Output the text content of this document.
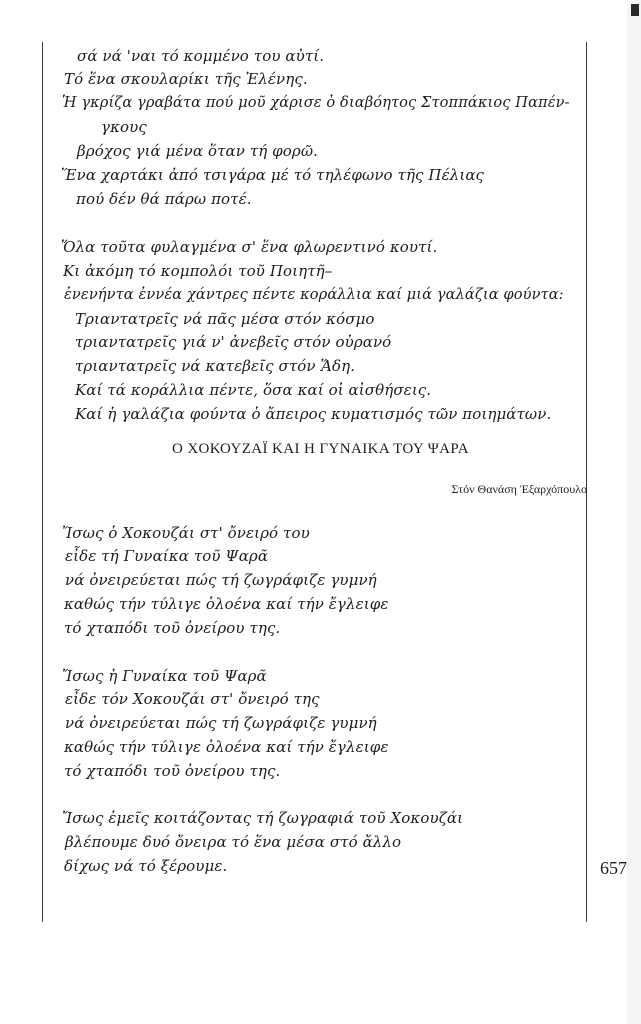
σά νά 'ναι τό κομμένο του αὐτί.
Τό ἕνα σκουλαρίκι τῆς Ἑλένης.
Ἡ γκρίζα γραβάτα πού μοῦ χάρισε ὁ διαβόητος Στοππάκιος Παπέν-
γκους
βρόχος γιά μένα ὅταν τή φορῶ.
Ἕνα χαρτάκι ἀπό τσιγάρα μέ τό τηλέφωνο τῆς Πέλιας
πού δέν θά πάρω ποτέ.
Ὅλα τοῦτα φυλαγμένα σ' ἕνα φλωρεντινό κουτί.
Κι ἀκόμη τό κομπολόι τοῦ Ποιητῆ–
ἐνενήντα ἐννέα χάντρες πέντε κοράλλια καί μιά γαλάζια φούντα:
Τριαντατρεῖς νά πᾶς μέσα στόν κόσμο
τριαντατρεῖς γιά ν' ἀνεβεῖς στόν οὐρανό
τριαντατρεῖς νά κατεβεῖς στόν Ἅδη.
Καί τά κοράλλια πέντε, ὅσα καί οἱ αἰσθήσεις.
Καί ἡ γαλάζια φούντα ὁ ἄπειρος κυματισμός τῶν ποιημάτων.
Ο ΧΟΚΟΥΖΑΪ ΚΑΙ Η ΓΥΝΑΙΚΑ ΤΟΥ ΨΑΡΑ
Στόν Θανάση Ἐξαρχόπουλο
Ἴσως ὁ Χοκουζάι στ' ὄνειρό του
εἶδε τή Γυναίκα τοῦ Ψαρᾶ
νά ὀνειρεύεται πώς τή ζωγράφιζε γυμνή
καθώς τήν τύλιγε ὁλοένα καί τήν ἔγλειφε
τό χταπόδι τοῦ ὀνείρου της.
Ἴσως ἡ Γυναίκα τοῦ Ψαρᾶ
εἶδε τόν Χοκουζάι στ' ὄνειρό της
νά ὀνειρεύεται πώς τή ζωγράφιζε γυμνή
καθώς τήν τύλιγε ὁλοένα καί τήν ἔγλειφε
τό χταπόδι τοῦ ὀνείρου της.
Ἴσως ἐμεῖς κοιτάζοντας τή ζωγραφιά τοῦ Χοκουζάι
βλέπουμε δυό ὄνειρα τό ἕνα μέσα στό ἄλλο
δίχως νά τό ξέρουμε.	657
